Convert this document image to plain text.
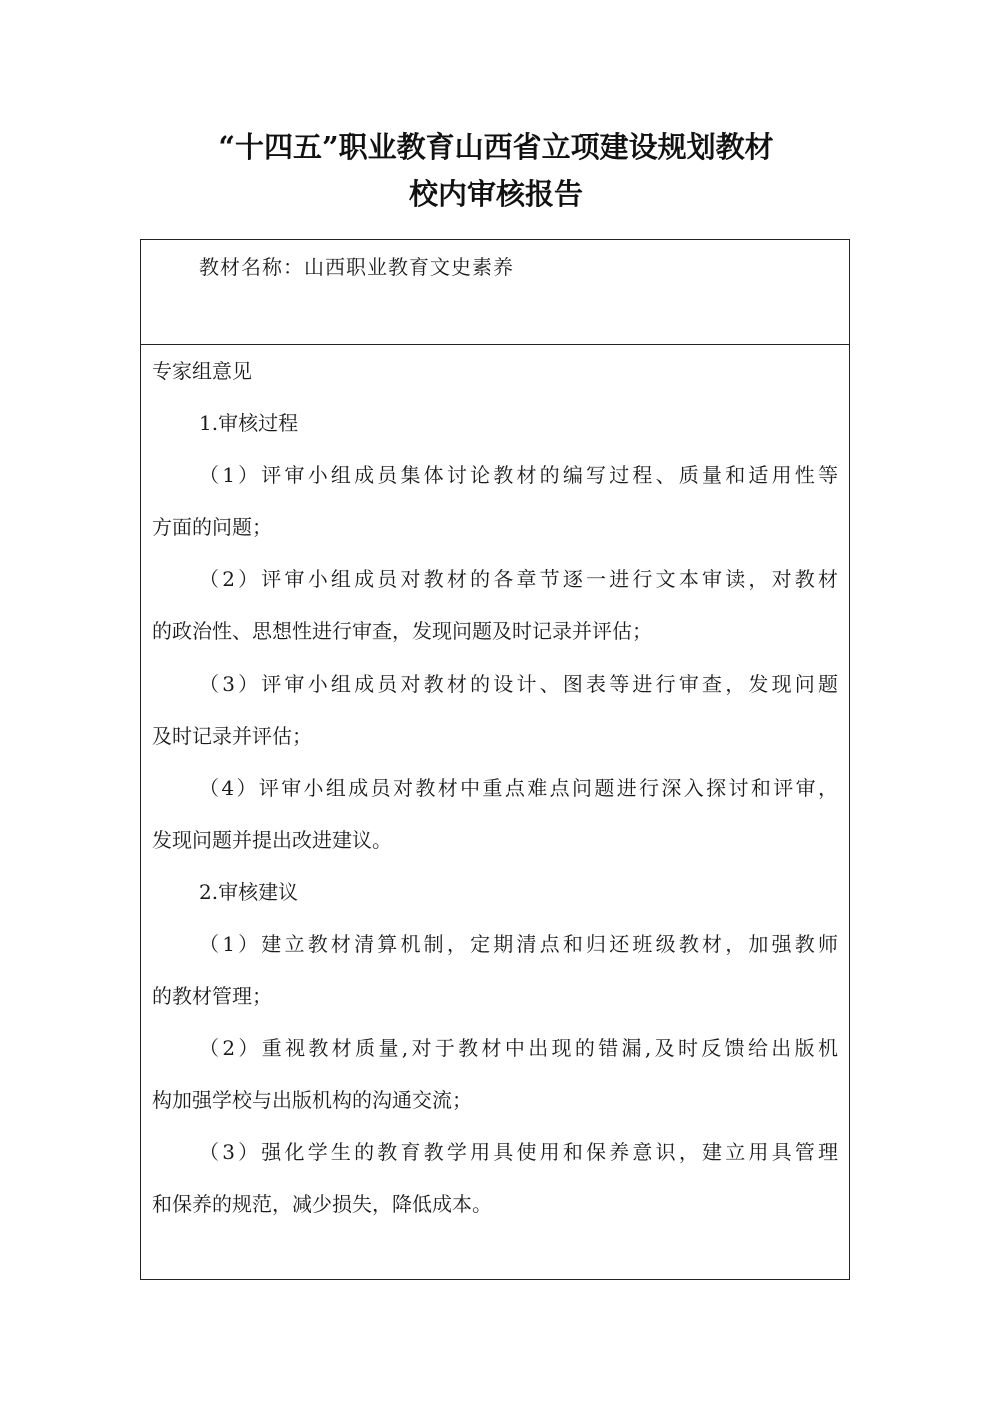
“十四五”职业教育山西省立项建设规划教材
校内审核报告
教材名称：山西职业教育文史素养
专家组意见
1.审核过程
（1）评审小组成员集体讨论教材的编写过程、质量和适用性等
方面的问题；
（2）评审小组成员对教材的各章节逐一进行文本审读，对教材
的政治性、思想性进行审查，发现问题及时记录并评估；
（3）评审小组成员对教材的设计、图表等进行审查，发现问题
及时记录并评估；
（4）评审小组成员对教材中重点难点问题进行深入探讨和评审，
发现问题并提出改进建议。
2.审核建议
（1）建立教材清算机制，定期清点和归还班级教材，加强教师
的教材管理；
（2）重视教材质量,对于教材中出现的错漏,及时反馈给出版机
构加强学校与出版机构的沟通交流；
（3）强化学生的教育教学用具使用和保养意识，建立用具管理
和保养的规范，减少损失，降低成本。
